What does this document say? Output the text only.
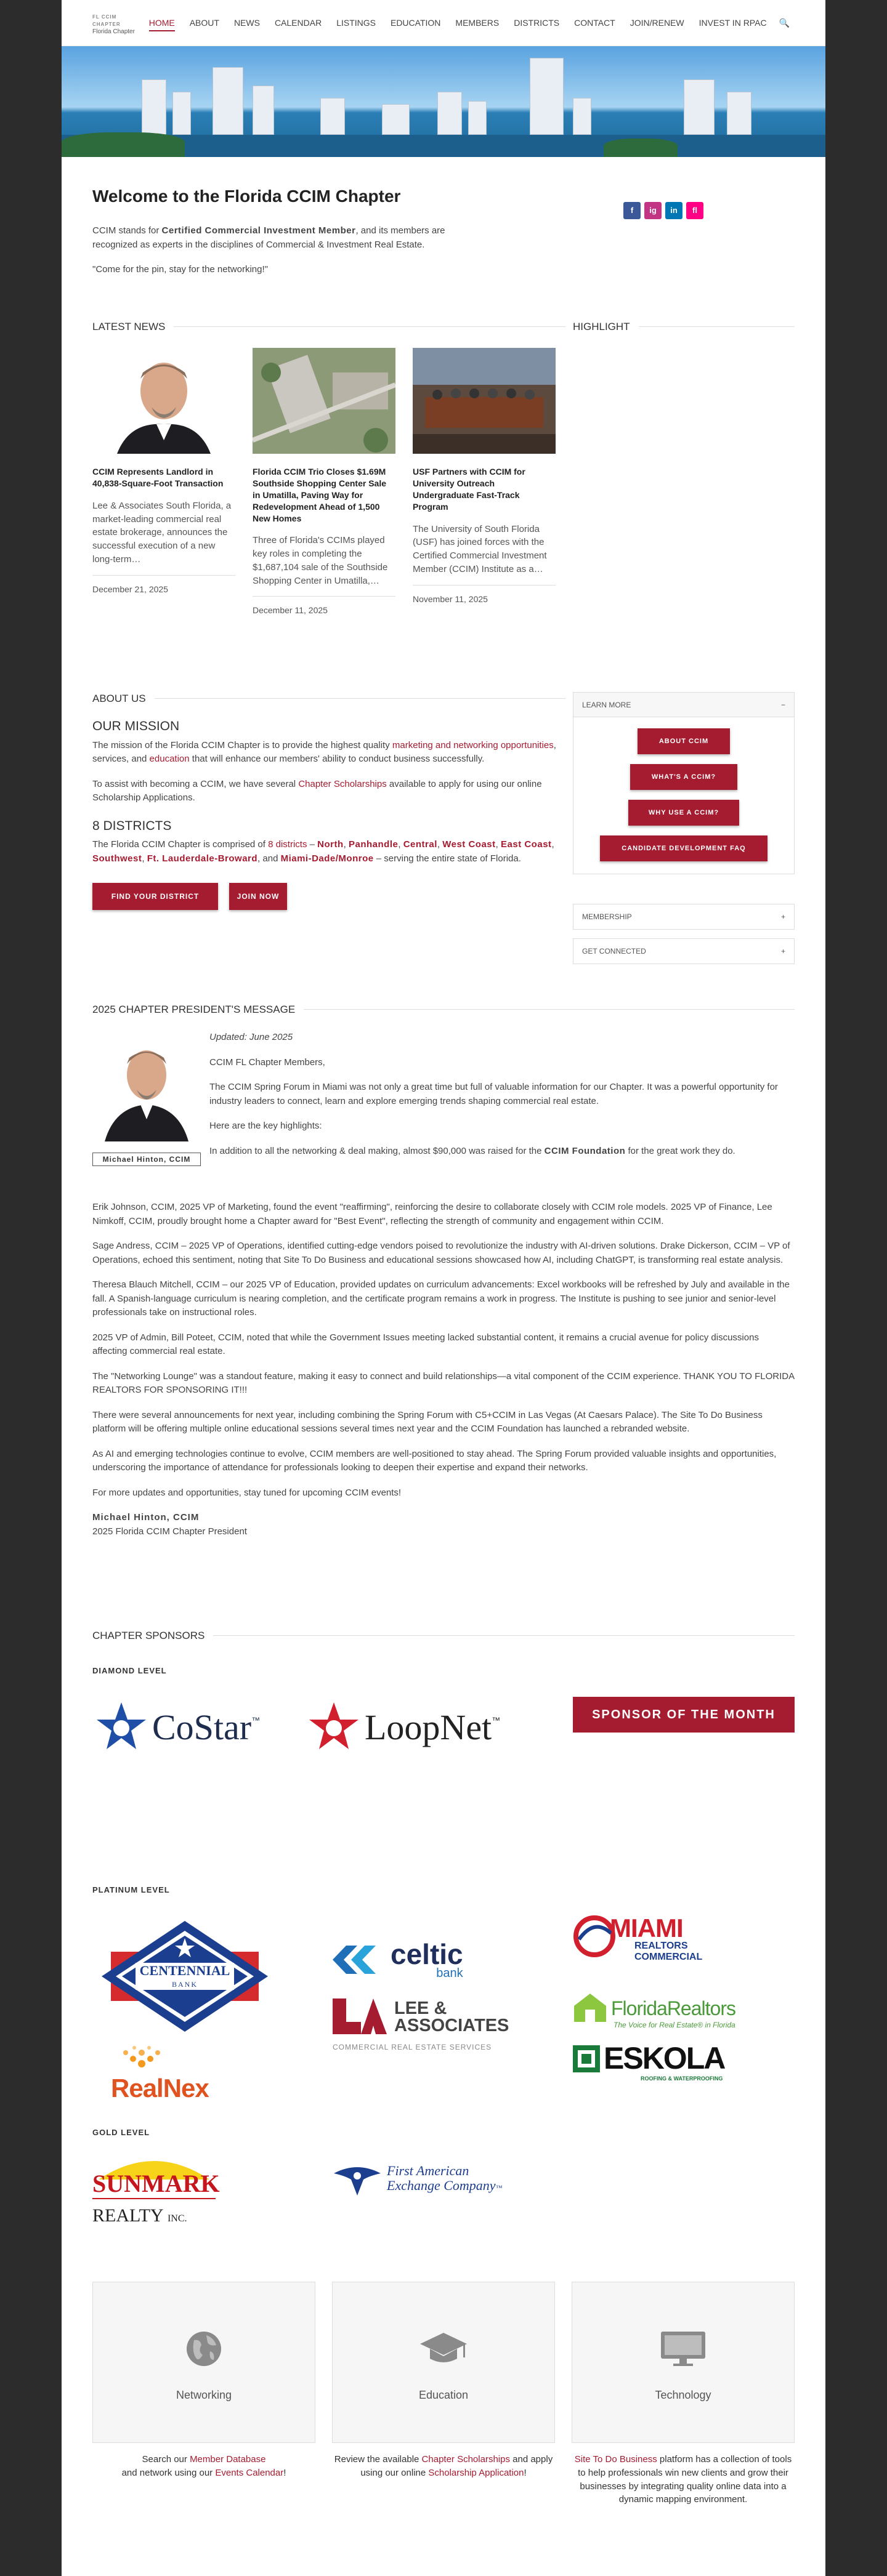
FL CCIM CHAPTER
Florida Chapter
HOME	ABOUT	NEWS	CALENDAR	LISTINGS	EDUCATION	MEMBERS	DISTRICTS	CONTACT	JOIN/RENEW	INVEST IN RPAC	🔍
Welcome to the Florida CCIM Chapter

CCIM stands for Certified Commercial Investment Member, and its members are recognized as experts in the disciplines of Commercial & Investment Real Estate.

"Come for the pin, stay for the networking!"

f	ig	in	fl
LATEST NEWS	HIGHLIGHT
CCIM Represents Landlord in 40,838-Square-Foot Transaction

Lee & Associates South Florida, a market-leading commercial real estate brokerage, announces the successful execution of a new long-term…

December 21, 2025
Florida CCIM Trio Closes $1.69M Southside Shopping Center Sale in Umatilla, Paving Way for Redevelopment Ahead of 1,500 New Homes

Three of Florida's CCIMs played key roles in completing the $1,687,104 sale of the Southside Shopping Center in Umatilla,…

December 11, 2025
USF Partners with CCIM for University Outreach Undergraduate Fast-Track Program

The University of South Florida (USF) has joined forces with the Certified Commercial Investment Member (CCIM) Institute as a…

November 11, 2025
ABOUT US
OUR MISSION

The mission of the Florida CCIM Chapter is to provide the highest quality marketing and networking opportunities, services, and education that will enhance our members' ability to conduct business successfully.

To assist with becoming a CCIM, we have several Chapter Scholarships available to apply for using our online Scholarship Applications.

8 DISTRICTS

The Florida CCIM Chapter is comprised of 8 districts – North, Panhandle, Central, West Coast, East Coast, Southwest, Ft. Lauderdale-Broward, and Miami-Dade/Monroe – serving the entire state of Florida.

FIND YOUR DISTRICT	JOIN NOW
LEARN MORE	−
ABOUT CCIM
WHAT'S A CCIM?
WHY USE A CCIM?
CANDIDATE DEVELOPMENT FAQ
MEMBERSHIP	+
GET CONNECTED	+
2025 CHAPTER PRESIDENT'S MESSAGE
Michael Hinton, CCIM

Updated: June 2025

CCIM FL Chapter Members,

The CCIM Spring Forum in Miami was not only a great time but full of valuable information for our Chapter. It was a powerful opportunity for industry leaders to connect, learn and explore emerging trends shaping commercial real estate.

Here are the key highlights:

In addition to all the networking & deal making, almost $90,000 was raised for the CCIM Foundation for the great work they do.

Erik Johnson, CCIM, 2025 VP of Marketing, found the event "reaffirming", reinforcing the desire to collaborate closely with CCIM role models. 2025 VP of Finance, Lee Nimkoff, CCIM, proudly brought home a Chapter award for "Best Event", reflecting the strength of community and engagement within CCIM.

Sage Andress, CCIM – 2025 VP of Operations, identified cutting-edge vendors poised to revolutionize the industry with AI-driven solutions. Drake Dickerson, CCIM – VP of Operations, echoed this sentiment, noting that Site To Do Business and educational sessions showcased how AI, including ChatGPT, is transforming real estate analysis.

Theresa Blauch Mitchell, CCIM – our 2025 VP of Education, provided updates on curriculum advancements: Excel workbooks will be refreshed by July and available in the fall. A Spanish-language curriculum is nearing completion, and the certificate program remains a work in progress. The Institute is pushing to see junior and senior-level professionals take on instructional roles.

2025 VP of Admin, Bill Poteet, CCIM, noted that while the Government Issues meeting lacked substantial content, it remains a crucial avenue for policy discussions affecting commercial real estate.

The "Networking Lounge" was a standout feature, making it easy to connect and build relationships—a vital component of the CCIM experience. THANK YOU TO FLORIDA REALTORS FOR SPONSORING IT!!!

There were several announcements for next year, including combining the Spring Forum with C5+CCIM in Las Vegas (At Caesars Palace). The Site To Do Business platform will be offering multiple online educational sessions several times next year and the CCIM Foundation has launched a rebranded website.

As AI and emerging technologies continue to evolve, CCIM members are well-positioned to stay ahead. The Spring Forum provided valuable insights and opportunities, underscoring the importance of attendance for professionals looking to deepen their expertise and expand their networks.

For more updates and opportunities, stay tuned for upcoming CCIM events!

Michael Hinton, CCIM

2025 Florida CCIM Chapter President

CHAPTER SPONSORS
DIAMOND LEVEL
CoStar ™	LoopNet ™	SPONSOR OF THE MONTH
PLATINUM LEVEL
CENTENNIAL
BANK
celtic
bank
LEE &
ASSOCIATES
COMMERCIAL REAL ESTATE SERVICES
MIAMI
REALTORS
COMMERCIAL
FloridaRealtors
The Voice for Real Estate® in Florida
ESKOLA
ROOFING & WATERPROOFING
RealNex
GOLD LEVEL
SUNMARK
REALTY INC.
First American
Exchange Company™
Networking	Education	Technology
Search our Member Database
and network using our Events Calendar!
Review the available Chapter Scholarships and apply using our online Scholarship Application!
Site To Do Business platform has a collection of tools to help professionals win new clients and grow their businesses by integrating quality online data into a dynamic mapping environment.
